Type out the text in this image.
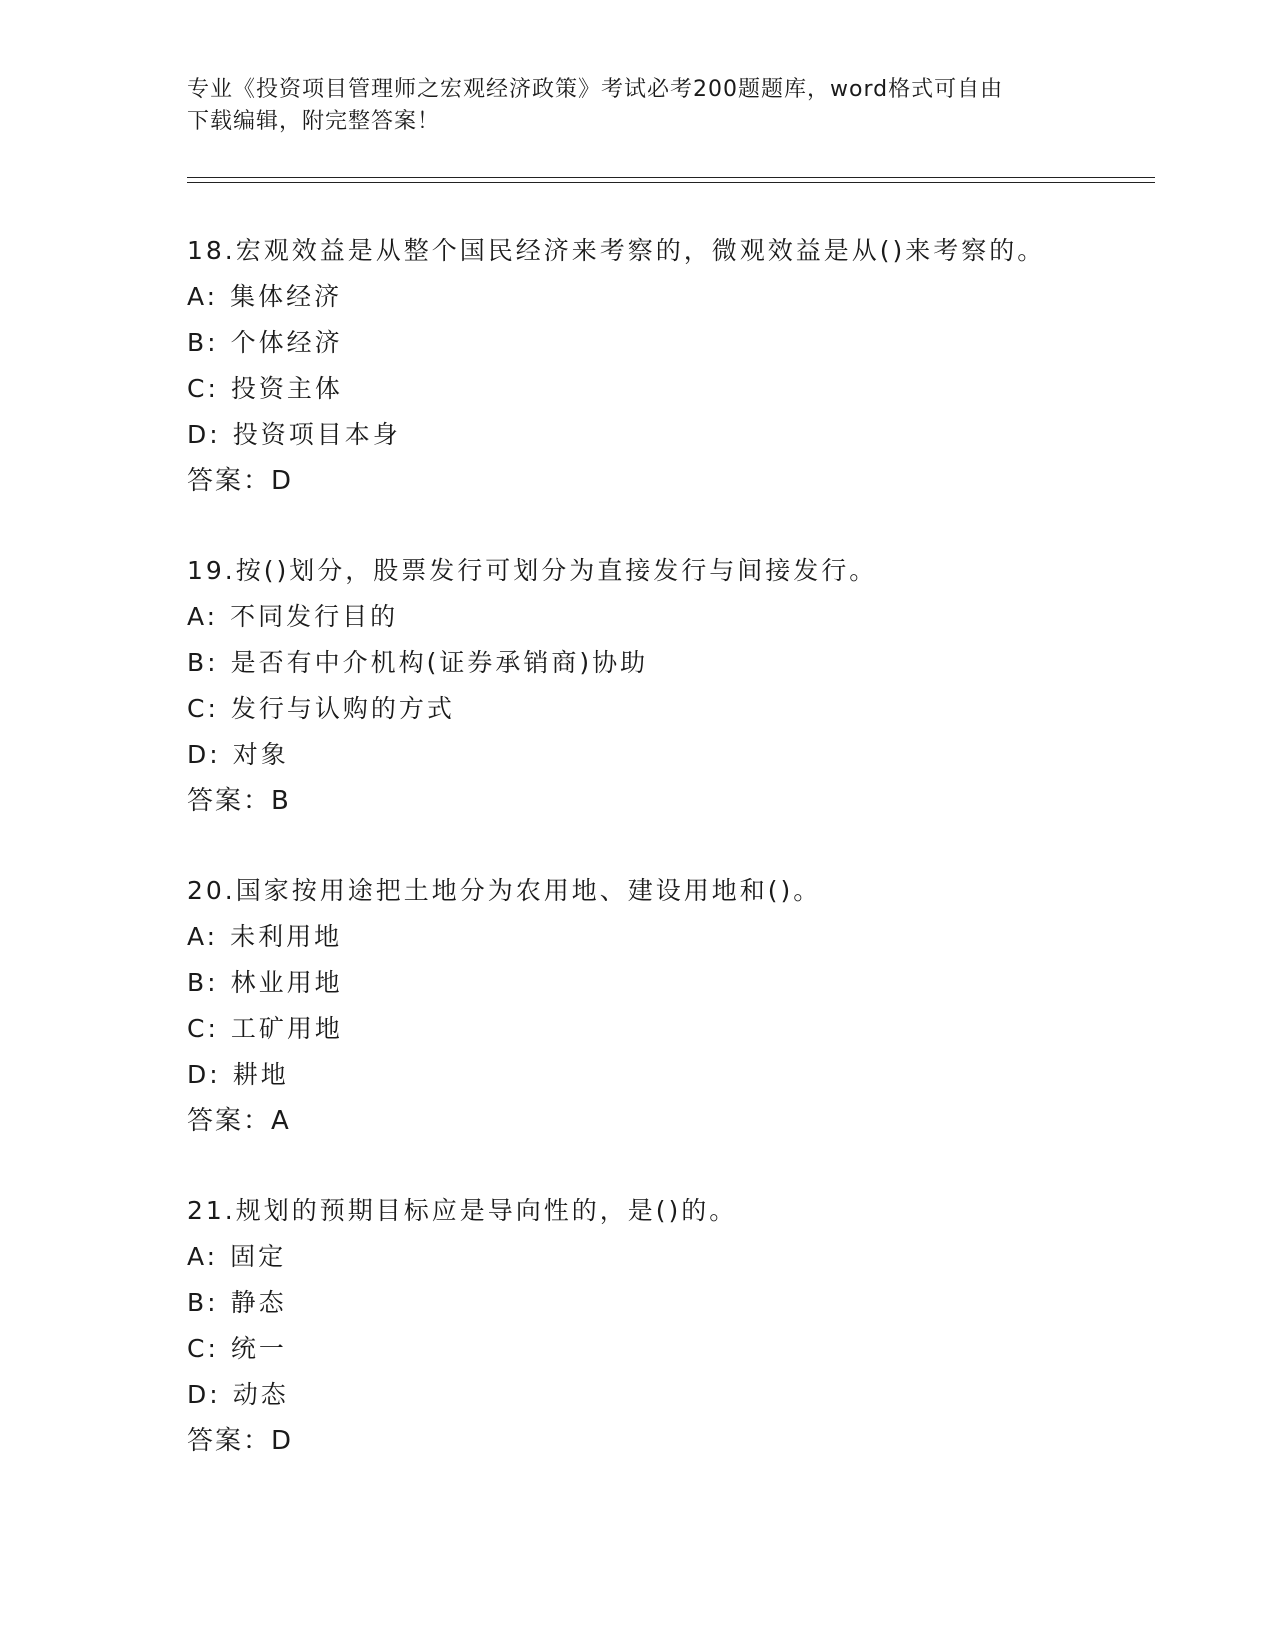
专业《投资项目管理师之宏观经济政策》考试必考200题题库，word格式可自由
下载编辑，附完整答案！
18.宏观效益是从整个国民经济来考察的，微观效益是从()来考察的。
A: 集体经济
B: 个体经济
C: 投资主体
D: 投资项目本身
答案：D
19.按()划分，股票发行可划分为直接发行与间接发行。
A: 不同发行目的
B: 是否有中介机构(证券承销商)协助
C: 发行与认购的方式
D: 对象
答案：B
20.国家按用途把土地分为农用地、建设用地和()。
A: 未利用地
B: 林业用地
C: 工矿用地
D: 耕地
答案：A
21.规划的预期目标应是导向性的，是()的。
A: 固定
B: 静态
C: 统一
D: 动态
答案：D
